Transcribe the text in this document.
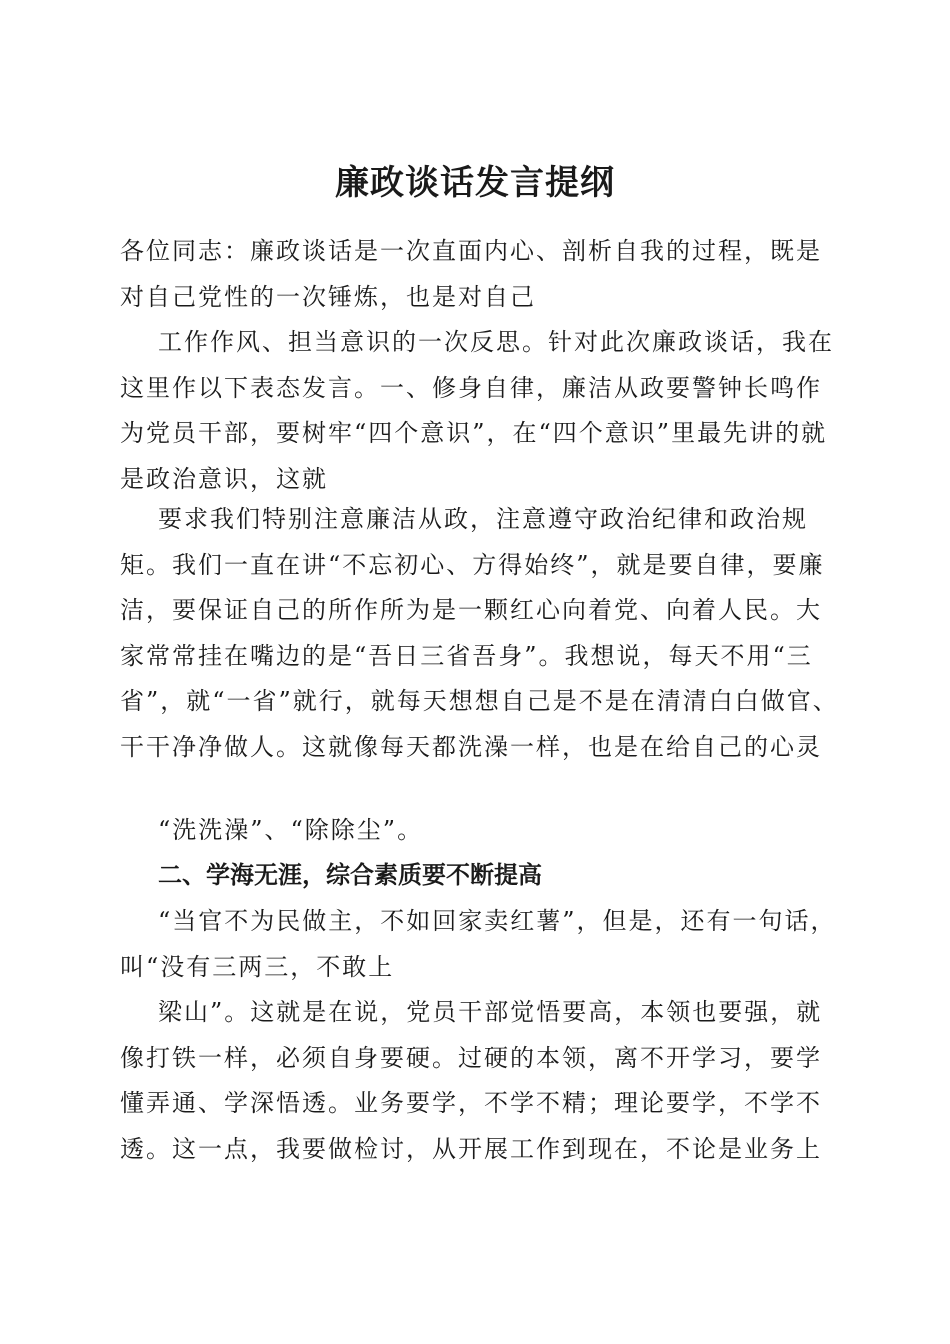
廉政谈话发言提纲

各位同志：廉政谈话是一次直面内心、剖析自我的过程，既是对自己党性的一次锤炼，也是对自己

工作作风、担当意识的一次反思。针对此次廉政谈话，我在这里作以下表态发言。一、修身自律，廉洁从政要警钟长鸣作为党员干部，要树牢“四个意识”，在“四个意识”里最先讲的就是政治意识，这就

要求我们特别注意廉洁从政，注意遵守政治纪律和政治规矩。我们一直在讲“不忘初心、方得始终”，就是要自律，要廉洁，要保证自己的所作所为是一颗红心向着党、向着人民。大家常常挂在嘴边的是“吾日三省吾身”。我想说，每天不用“三省”，就“一省”就行，就每天想想自己是不是在清清白白做官、干干净净做人。这就像每天都洗澡一样，也是在给自己的心灵

“洗洗澡”、“除除尘”。

二、学海无涯，综合素质要不断提高

“当官不为民做主，不如回家卖红薯”，但是，还有一句话，叫“没有三两三，不敢上

梁山”。这就是在说，党员干部觉悟要高，本领也要强，就像打铁一样，必须自身要硬。过硬的本领，离不开学习，要学懂弄通、学深悟透。业务要学，不学不精；理论要学，不学不透。这一点，我要做检讨，从开展工作到现在，不论是业务上
